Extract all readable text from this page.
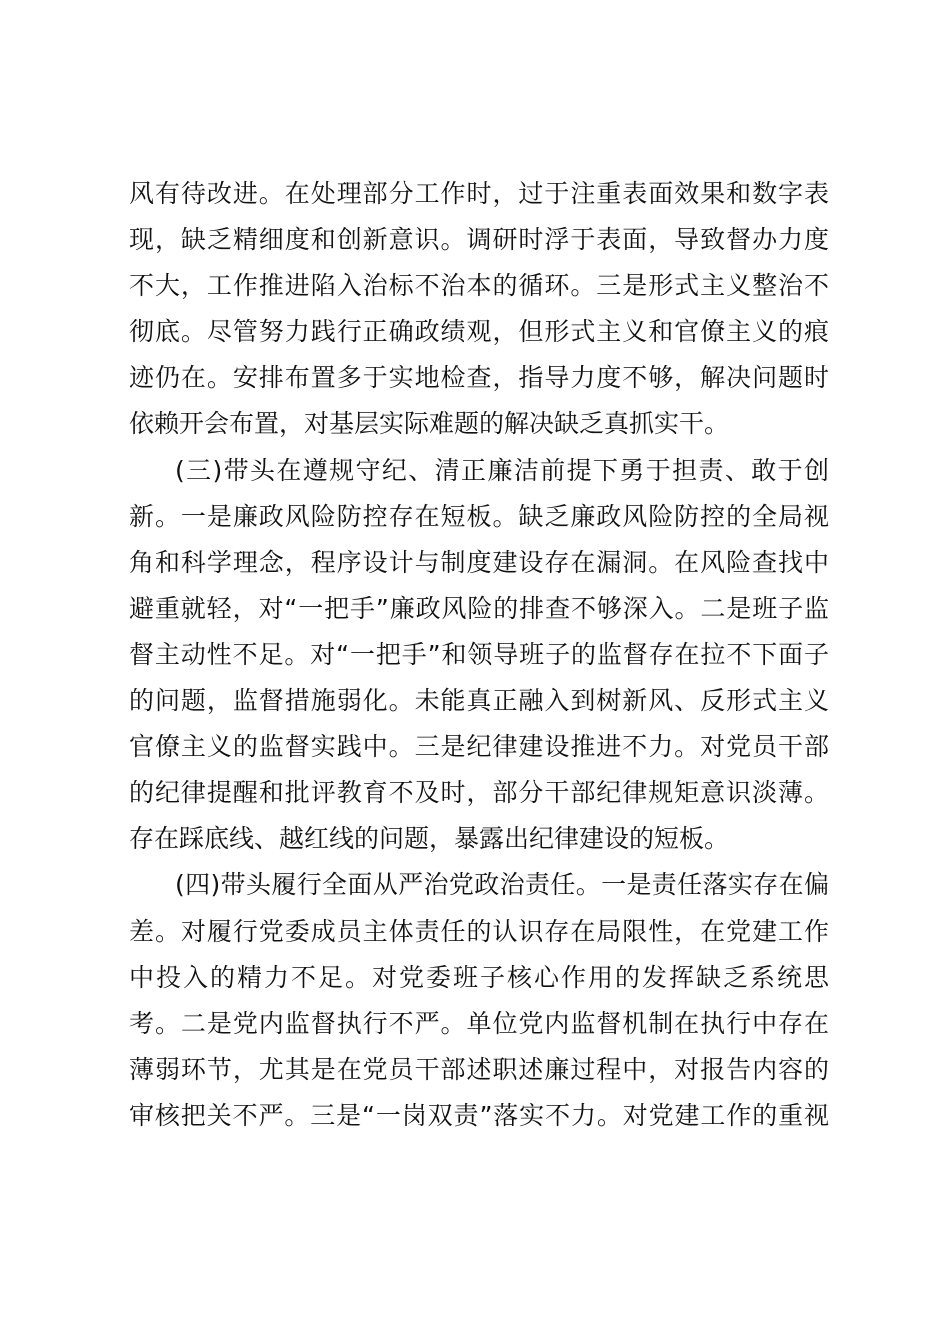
风有待改进。在处理部分工作时，过于注重表面效果和数字表
现，缺乏精细度和创新意识。调研时浮于表面，导致督办力度
不大，工作推进陷入治标不治本的循环。三是形式主义整治不
彻底。尽管努力践行正确政绩观，但形式主义和官僚主义的痕
迹仍在。安排布置多于实地检查，指导力度不够，解决问题时
依赖开会布置，对基层实际难题的解决缺乏真抓实干。
(三)带头在遵规守纪、清正廉洁前提下勇于担责、敢于创
新。一是廉政风险防控存在短板。缺乏廉政风险防控的全局视
角和科学理念，程序设计与制度建设存在漏洞。在风险查找中
避重就轻，对“一把手”廉政风险的排查不够深入。二是班子监
督主动性不足。对“一把手”和领导班子的监督存在拉不下面子
的问题，监督措施弱化。未能真正融入到树新风、反形式主义
官僚主义的监督实践中。三是纪律建设推进不力。对党员干部
的纪律提醒和批评教育不及时，部分干部纪律规矩意识淡薄。
存在踩底线、越红线的问题，暴露出纪律建设的短板。
(四)带头履行全面从严治党政治责任。一是责任落实存在偏
差。对履行党委成员主体责任的认识存在局限性，在党建工作
中投入的精力不足。对党委班子核心作用的发挥缺乏系统思
考。二是党内监督执行不严。单位党内监督机制在执行中存在
薄弱环节，尤其是在党员干部述职述廉过程中，对报告内容的
审核把关不严。三是“一岗双责”落实不力。对党建工作的重视
